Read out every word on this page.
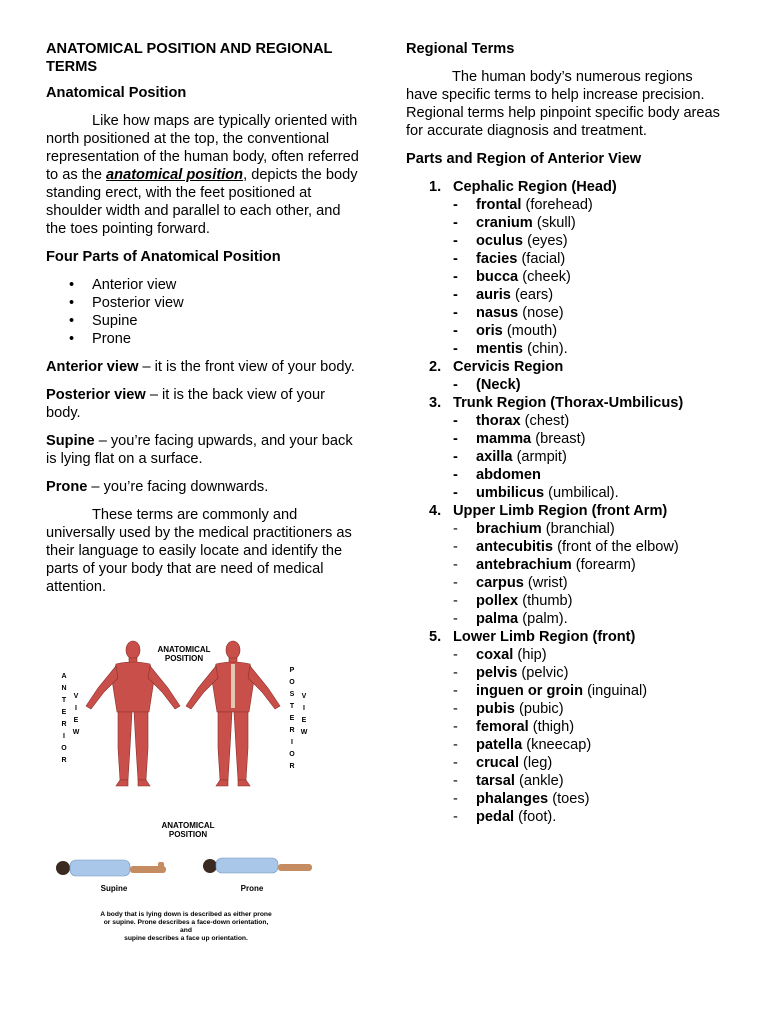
ANATOMICAL POSITION AND REGIONAL TERMS
Anatomical Position

Like how maps are typically oriented with north positioned at the top, the conventional representation of the human body, often referred to as the anatomical position, depicts the body standing erect, with the feet positioned at shoulder width and parallel to each other, and the toes pointing forward.

Four Parts of Anatomical Position
• Anterior view
• Posterior view
• Supine
• Prone

Anterior view – it is the front view of your body.

Posterior view – it is the back view of your body.

Supine – you’re facing upwards, and your back is lying flat on a surface.

Prone – you’re facing downwards.

These terms are commonly and universally used by the medical practitioners as their language to easily locate and identify the parts of your body that are need of medical attention.

ANATOMICAL
POSITION
A
N
T
E
R
I
O
R
V
I
E
W
P
O
S
T
E
R
I
O
R
V
I
E
W
ANATOMICAL
POSITION
Supine	Prone
A body that is lying down is described as either prone
or supine. Prone describes a face-down orientation,
and
supine describes a face up orientation.
Regional Terms

The human body’s numerous regions have specific terms to help increase precision. Regional terms help pinpoint specific body areas for accurate diagnosis and treatment.

Parts and Region of Anterior View
1. Cephalic Region (Head)
- frontal (forehead)
- cranium (skull)
- oculus (eyes)
- facies (facial)
- bucca (cheek)
- auris (ears)
- nasus (nose)
- oris (mouth)
- mentis (chin).
2. Cervicis Region
- (Neck)
3. Trunk Region (Thorax-Umbilicus)
- thorax (chest)
- mamma (breast)
- axilla (armpit)
- abdomen
- umbilicus (umbilical).
4. Upper Limb Region (front Arm)
- brachium (branchial)
- antecubitis (front of the elbow)
- antebrachium (forearm)
- carpus (wrist)
- pollex (thumb)
- palma (palm).
5. Lower Limb Region (front)
- coxal (hip)
- pelvis (pelvic)
- inguen or groin (inguinal)
- pubis (pubic)
- femoral (thigh)
- patella (kneecap)
- crucal (leg)
- tarsal (ankle)
- phalanges (toes)
- pedal (foot).
